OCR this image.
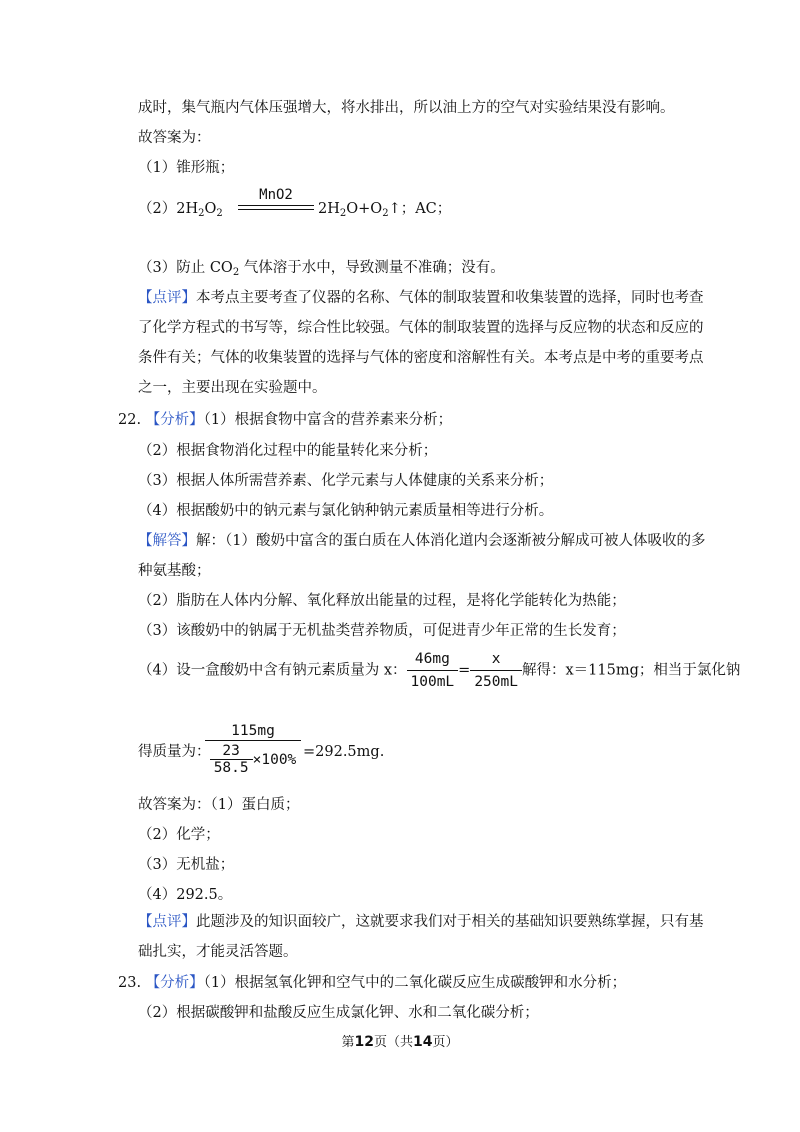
成时，集气瓶内气体压强增大，将水排出，所以油上方的空气对实验结果没有影响。
故答案为：
（1）锥形瓶；
$(2)2H_2O_2$
MnO2
$2H_2O+O_2↑$；AC；
（3）防止 $CO_2$ 气体溶于水中，导致测量不准确；没有。
【点评】本考点主要考查了仪器的名称、气体的制取装置和收集装置的选择，同时也考查
了化学方程式的书写等，综合性比较强。气体的制取装置的选择与反应物的状态和反应的
条件有关；气体的收集装置的选择与气体的密度和溶解性有关。本考点是中考的重要考点
之一，主要出现在实验题中。
22. 【分析】（1）根据食物中富含的营养素来分析；
（2）根据食物消化过程中的能量转化来分析；
（3）根据人体所需营养素、化学元素与人体健康的关系来分析；
（4）根据酸奶中的钠元素与氯化钠种钠元素质量相等进行分析。
【解答】解：（1）酸奶中富含的蛋白质在人体消化道内会逐渐被分解成可被人体吸收的多
种氨基酸；
（2）脂肪在人体内分解、氧化释放出能量的过程，是将化学能转化为热能；
（3）该酸奶中的钠属于无机盐类营养物质，可促进青少年正常的生长发育；
（4）设一盒酸奶中含有钠元素质量为 x： $\frac{46mg}{100mL} = \frac{x}{250mL}$ 解得：x＝115mg；相当于氯化钠
得质量为：
$\frac{115mg}{\frac{23}{58.5} \times 100\%} =292.5mg$.
故答案为：（1）蛋白质；
（2）化学；
（3）无机盐；
（4）292.5。
【点评】此题涉及的知识面较广，这就要求我们对于相关的基础知识要熟练掌握，只有基
础扎实，才能灵活答题。
23. 【分析】（1）根据氢氧化钾和空气中的二氧化碳反应生成碳酸钾和水分析；
（2）根据碳酸钾和盐酸反应生成氯化钾、水和二氧化碳分析；
第12页（共14页）
